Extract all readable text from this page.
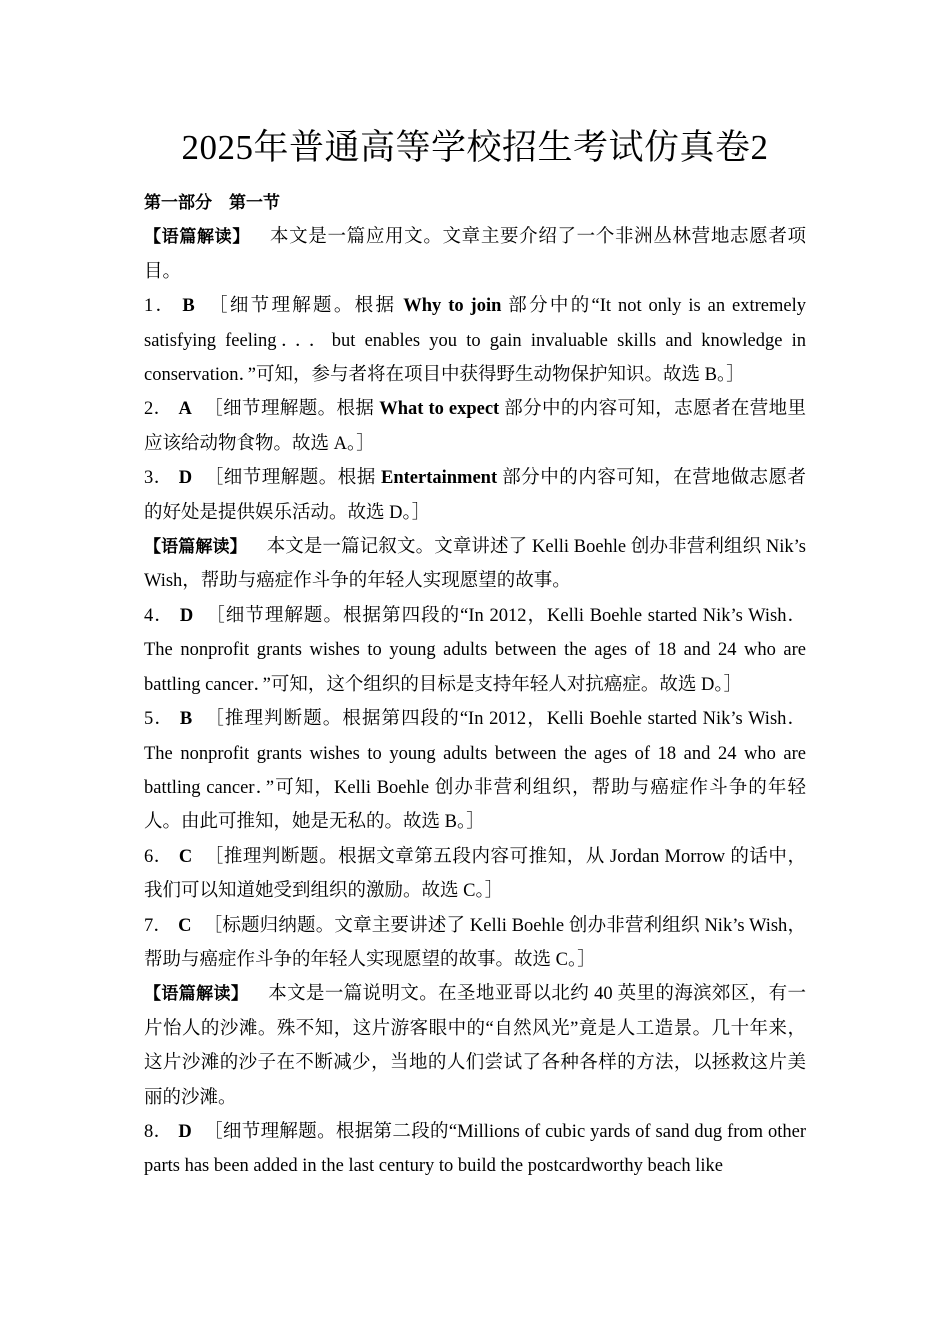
2025年普通高等学校招生考试仿真卷2

第一部分　第一节

【语篇解读】 本文是一篇应用文。文章主要介绍了一个非洲丛林营地志愿者项目。

1． B ［细节理解题。根据 Why to join 部分中的“It not only is an extremely satisfying feeling．．．but enables you to gain invaluable skills and knowledge in conservation．”可知，参与者将在项目中获得野生动物保护知识。故选 B。］

2． A ［细节理解题。根据 What to expect 部分中的内容可知，志愿者在营地里应该给动物食物。故选 A。］

3． D ［细节理解题。根据 Entertainment 部分中的内容可知，在营地做志愿者的好处是提供娱乐活动。故选 D。］

【语篇解读】 本文是一篇记叙文。文章讲述了 Kelli Boehle 创办非营利组织 Nik’s Wish，帮助与癌症作斗争的年轻人实现愿望的故事。

4． D ［细节理解题。根据第四段的“In 2012，Kelli Boehle started Nik’s Wish．The nonprofit grants wishes to young adults between the ages of 18 and 24 who are battling cancer．”可知，这个组织的目标是支持年轻人对抗癌症。故选 D。］

5． B ［推理判断题。根据第四段的“In 2012，Kelli Boehle started Nik’s Wish．The nonprofit grants wishes to young adults between the ages of 18 and 24 who are battling cancer．”可知，Kelli Boehle 创办非营利组织，帮助与癌症作斗争的年轻人。由此可推知，她是无私的。故选 B。］

6． C ［推理判断题。根据文章第五段内容可推知，从 Jordan Morrow 的话中，我们可以知道她受到组织的激励。故选 C。］

7． C ［标题归纳题。文章主要讲述了 Kelli Boehle 创办非营利组织 Nik’s Wish，帮助与癌症作斗争的年轻人实现愿望的故事。故选 C。］

【语篇解读】 本文是一篇说明文。在圣地亚哥以北约 40 英里的海滨郊区，有一片怡人的沙滩。殊不知，这片游客眼中的“自然风光”竟是人工造景。几十年来，这片沙滩的沙子在不断减少，当地的人们尝试了各种各样的方法，以拯救这片美丽的沙滩。

8． D ［细节理解题。根据第二段的“Millions of cubic yards of sand dug from other parts has been added in the last century to build the postcardworthy beach like
